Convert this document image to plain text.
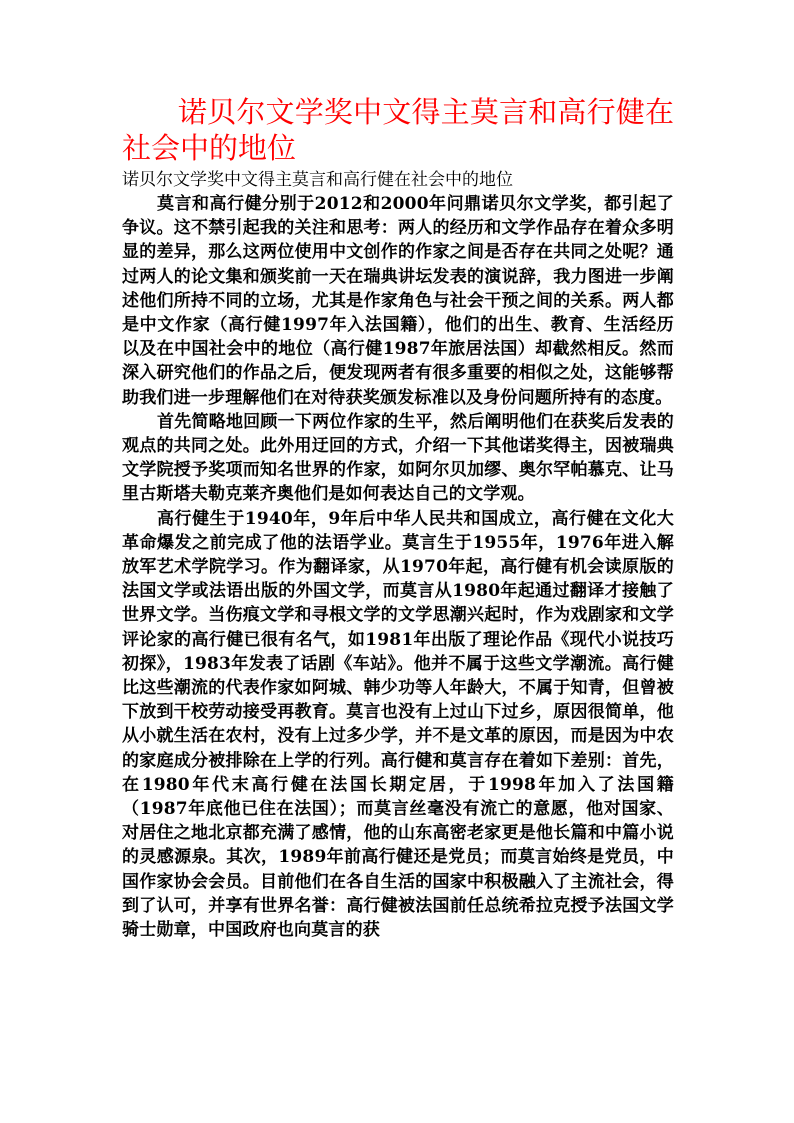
诺贝尔文学奖中文得主莫言和高行健在社会中的地位

诺贝尔文学奖中文得主莫言和高行健在社会中的地位

莫言和高行健分别于2012和2000年问鼎诺贝尔文学奖，都引起了争议。这不禁引起我的关注和思考：两人的经历和文学作品存在着众多明显的差异，那么这两位使用中文创作的作家之间是否存在共同之处呢？通过两人的论文集和颁奖前一天在瑞典讲坛发表的演说辞，我力图进一步阐述他们所持不同的立场，尤其是作家角色与社会干预之间的关系。两人都是中文作家（高行健1997年入法国籍），他们的出生、教育、生活经历以及在中国社会中的地位（高行健1987年旅居法国）却截然相反。然而深入研究他们的作品之后，便发现两者有很多重要的相似之处，这能够帮助我们进一步理解他们在对待获奖颁发标准以及身份问题所持有的态度。

首先简略地回顾一下两位作家的生平，然后阐明他们在获奖后发表的观点的共同之处。此外用迂回的方式，介绍一下其他诺奖得主，因被瑞典文学院授予奖项而知名世界的作家，如阿尔贝加缪、奥尔罕帕慕克、让马里古斯塔夫勒克莱齐奥他们是如何表达自己的文学观。

高行健生于1940年，9年后中华人民共和国成立，高行健在文化大革命爆发之前完成了他的法语学业。莫言生于1955年，1976年进入解放军艺术学院学习。作为翻译家，从1970年起，高行健有机会读原版的法国文学或法语出版的外国文学，而莫言从1980年起通过翻译才接触了世界文学。当伤痕文学和寻根文学的文学思潮兴起时，作为戏剧家和文学评论家的高行健已很有名气，如1981年出版了理论作品《现代小说技巧初探》，1983年发表了话剧《车站》。他并不属于这些文学潮流。高行健比这些潮流的代表作家如阿城、韩少功等人年龄大，不属于知青，但曾被下放到干校劳动接受再教育。莫言也没有上过山下过乡，原因很简单，他从小就生活在农村，没有上过多少学，并不是文革的原因，而是因为中农的家庭成分被排除在上学的行列。高行健和莫言存在着如下差别：首先，在1980年代末高行健在法国长期定居，于1998年加入了法国籍（1987年底他已住在法国）；而莫言丝毫没有流亡的意愿，他对国家、对居住之地北京都充满了感情，他的山东高密老家更是他长篇和中篇小说的灵感源泉。其次，1989年前高行健还是党员；而莫言始终是党员，中国作家协会会员。目前他们在各自生活的国家中积极融入了主流社会，得到了认可，并享有世界名誉：高行健被法国前任总统希拉克授予法国文学骑士勋章，中国政府也向莫言的获
